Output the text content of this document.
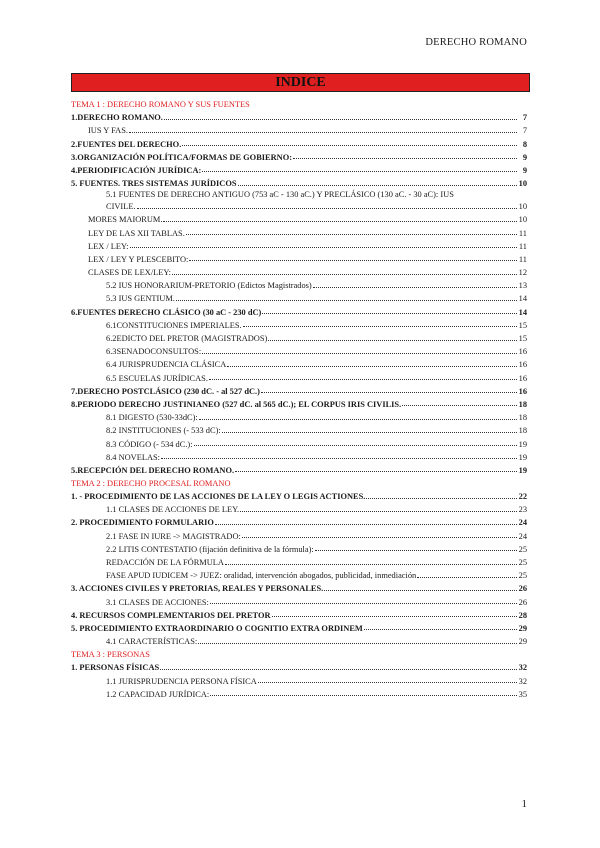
DERECHO ROMANO
INDICE
TEMA 1 : DERECHO ROMANO Y SUS FUENTES
1.DERECHO ROMANO.	7
IUS Y FAS.	7
2.FUENTES DEL DERECHO.	8
3.ORGANIZACIÓN POLÍTICA/FORMAS DE GOBIERNO:	9
4.PERIODIFICACIÓN JURÍDICA:	9
5. FUENTES. TRES SISTEMAS JURÍDICOS	10
5.1 FUENTES DE DERECHO ANTIGUO (753 aC - 130 aC.) Y PRECLÁSICO (130 aC. - 30 aC): IUS
CIVILE.	10
MORES MAIORUM.	10
LEY DE LAS XII TABLAS.	11
LEX / LEY:	11
LEX / LEY Y PLESCEBITO:	11
CLASES DE LEX/LEY:	12
5.2 IUS HONORARIUM-PRETORIO (Edictos Magistrados)	13
5.3 IUS GENTIUM.	14
6.FUENTES DERECHO CLÁSICO (30 aC - 230 dC)	14
6.1CONSTITUCIONES IMPERIALES.	15
6.2EDICTO DEL PRETOR (MAGISTRADOS)	15
6.3SENADOCONSULTOS:	16
6.4 JURISPRUDENCIA CLÁSICA	16
6.5 ESCUELAS JURÍDICAS.	16
7.DERECHO POSTCLÁSICO (230 dC. - al 527 dC.)	16
8.PERIODO DERECHO JUSTINIANEO (527 dC. al 565 dC.); EL CORPUS IRIS CIVILIS.	18
8.1 DIGESTO (530-33dC):	18
8.2 INSTITUCIONES (- 533 dC):	18
8.3 CÓDIGO (- 534 dC.):	19
8.4 NOVELAS:	19
5.RECEPCIÓN DEL DERECHO ROMANO.	19
TEMA 2 : DERECHO PROCESAL ROMANO
1. - PROCEDIMIENTO DE LAS ACCIONES DE LA LEY O LEGIS ACTIONES.	22
1.1 CLASES DE ACCIONES DE LEY.	23
2. PROCEDIMIENTO FORMULARIO	24
2.1 FASE IN IURE -> MAGISTRADO:	24
2.2 LITIS CONTESTATIO (fijación definitiva de la fórmula):	25
REDACCIÓN DE LA FÓRMULA	25
FASE APUD IUDICEM -> JUEZ: oralidad, intervención abogados, publicidad, inmediación	25
3. ACCIONES CIVILES Y PRETORIAS, REALES Y PERSONALES.	26
3.1 CLASES DE ACCIONES:	26
4. RECURSOS COMPLEMENTARIOS DEL PRETOR	28
5. PROCEDIMIENTO EXTRAORDINARIO O COGNITIO EXTRA ORDINEM	29
4.1 CARACTERÍSTICAS:	29
TEMA 3 : PERSONAS
1. PERSONAS FÍSICAS	32
1.1 JURISPRUDENCIA PERSONA FÍSICA	32
1.2 CAPACIDAD JURÍDICA:	35
1
